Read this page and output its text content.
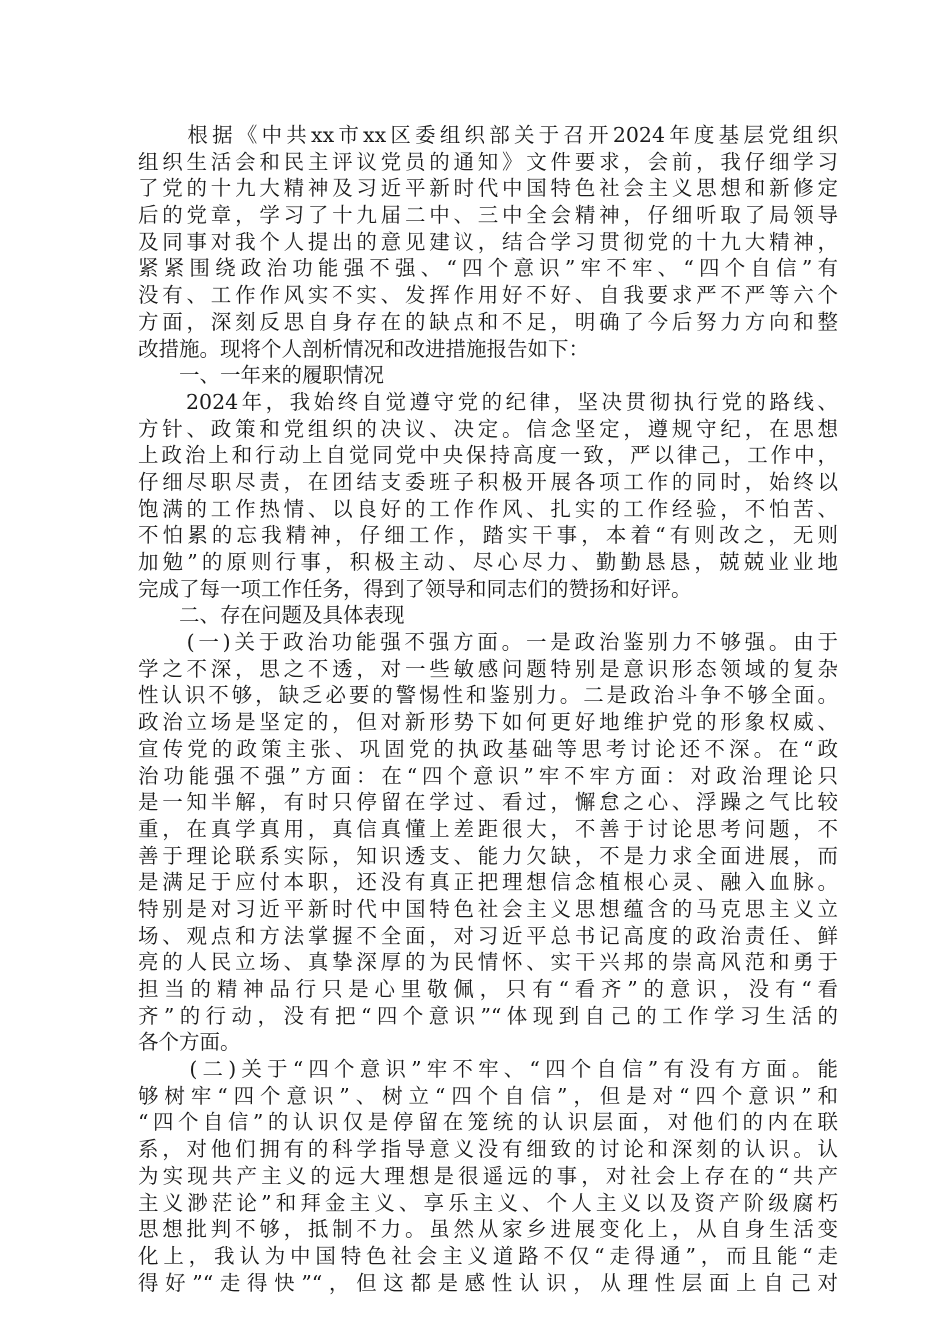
　　根据《中共xx市xx区委组织部关于召开2024年度基层党组织
组织生活会和民主评议党员的通知》文件要求，会前，我仔细学习
了党的十九大精神及习近平新时代中国特色社会主义思想和新修定
后的党章，学习了十九届二中、三中全会精神，仔细听取了局领导
及同事对我个人提出的意见建议，结合学习贯彻党的十九大精神，
紧紧围绕政治功能强不强、“四个意识”牢不牢、“四个自信”有
没有、工作作风实不实、发挥作用好不好、自我要求严不严等六个
方面，深刻反思自身存在的缺点和不足，明确了今后努力方向和整
改措施。现将个人剖析情况和改进措施报告如下：
　　一、一年来的履职情况
　　2024年，我始终自觉遵守党的纪律，坚决贯彻执行党的路线、
方针、政策和党组织的决议、决定。信念坚定，遵规守纪，在思想
上政治上和行动上自觉同党中央保持高度一致，严以律己，工作中，
仔细尽职尽责，在团结支委班子积极开展各项工作的同时，始终以
饱满的工作热情、以良好的工作作风、扎实的工作经验，不怕苦、
不怕累的忘我精神，仔细工作，踏实干事，本着“有则改之，无则
加勉”的原则行事，积极主动、尽心尽力、勤勤恳恳，兢兢业业地
完成了每一项工作任务，得到了领导和同志们的赞扬和好评。
　　二、存在问题及具体表现
　　(一)关于政治功能强不强方面。一是政治鉴别力不够强。由于
学之不深，思之不透，对一些敏感问题特别是意识形态领域的复杂
性认识不够，缺乏必要的警惕性和鉴别力。二是政治斗争不够全面。
政治立场是坚定的，但对新形势下如何更好地维护党的形象权威、
宣传党的政策主张、巩固党的执政基础等思考讨论还不深。在“政
治功能强不强”方面：在“四个意识”牢不牢方面：对政治理论只
是一知半解，有时只停留在学过、看过，懈怠之心、浮躁之气比较
重，在真学真用，真信真懂上差距很大，不善于讨论思考问题，不
善于理论联系实际，知识透支、能力欠缺，不是力求全面进展，而
是满足于应付本职，还没有真正把理想信念植根心灵、融入血脉。
特别是对习近平新时代中国特色社会主义思想蕴含的马克思主义立
场、观点和方法掌握不全面，对习近平总书记高度的政治责任、鲜
亮的人民立场、真挚深厚的为民情怀、实干兴邦的崇高风范和勇于
担当的精神品行只是心里敬佩，只有“看齐”的意识，没有“看
齐”的行动，没有把“四个意识”“体现到自己的工作学习生活的
各个方面。
　　(二)关于“四个意识”牢不牢、“四个自信”有没有方面。能
够树牢“四个意识”、树立“四个自信”，但是对“四个意识”和
“四个自信”的认识仅是停留在笼统的认识层面，对他们的内在联
系，对他们拥有的科学指导意义没有细致的讨论和深刻的认识。认
为实现共产主义的远大理想是很遥远的事，对社会上存在的“共产
主义渺茫论”和拜金主义、享乐主义、个人主义以及资产阶级腐朽
思想批判不够，抵制不力。虽然从家乡进展变化上，从自身生活变
化上，我认为中国特色社会主义道路不仅“走得通”，而且能“走
得好”“走得快”“，但这都是感性认识，从理性层面上自己对
